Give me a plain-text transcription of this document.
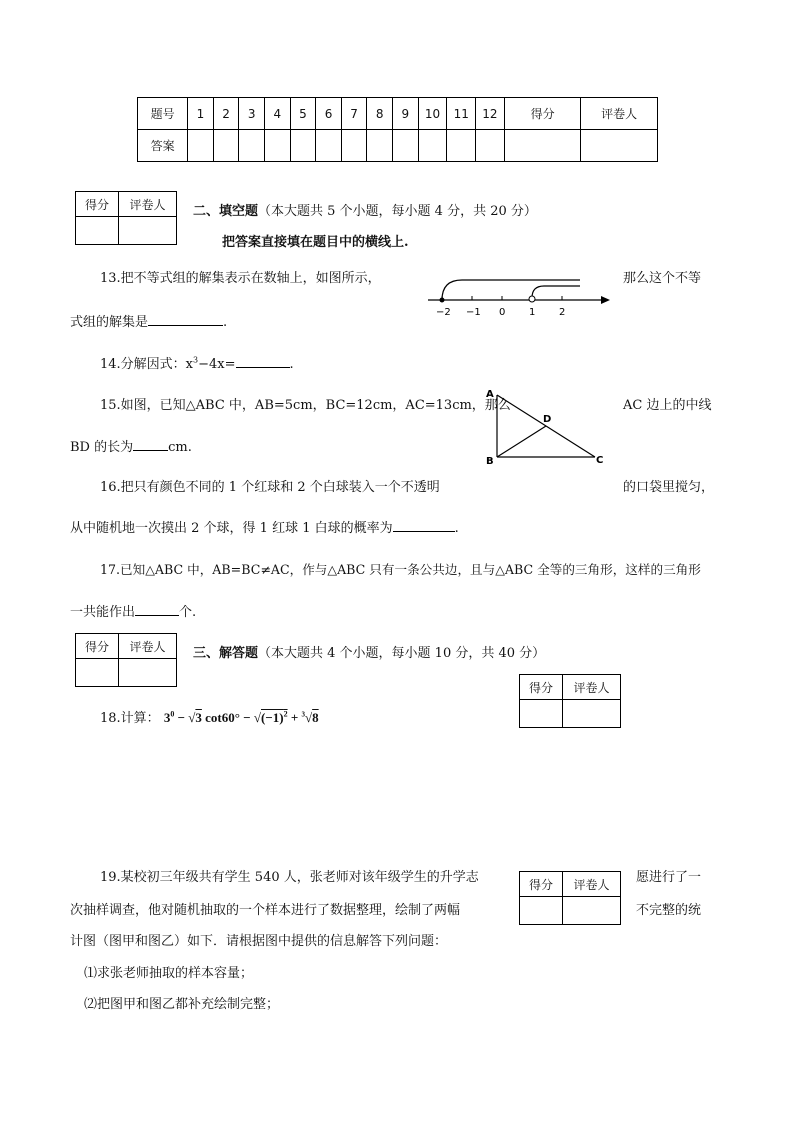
题号	1	2	3	4	5	6	7	8	9	10	11	12	得分	评卷人
答案														
得分	评卷人
	二、填空题（本大题共 5 个小题，每小题 4 分，共 20 分）
把答案直接填在题目中的横线上.
13.把不等式组的解集表示在数轴上，如图所示，	那么这个不等
式组的解集是	.
−2 −1 0 1 2
14.分解因式：$x^3-4x=$	.
15.如图，已知△ABC 中，AB=5cm，BC=12cm，AC=13cm，那么	AC 边上的中线
BD 的长为	cm.
A
B	C
D
16.把只有颜色不同的 1 个红球和 2 个白球装入一个不透明	的口袋里搅匀，
从中随机地一次摸出 2 个球，得 1 红球 1 白球的概率为	.
17.已知△ABC 中，AB=BC≠AC，作与△ABC 只有一条公共边，且与△ABC 全等的三角形，这样的三角形
一共能作出	个.
得分	评卷人
	三、解答题（本大题共 4 个小题，每小题 10 分，共 40 分）
得分	评卷人

18.计算： $3^0 - √3$ $\cot 60^\circ - √(-1)^2 + ^3√8$
19.某校初三年级共有学生 540 人，张老师对该年级学生的升学志	愿进行了一
得分	评卷人

次抽样调查，他对随机抽取的一个样本进行了数据整理，绘制了两幅	不完整的统
计图（图甲和图乙）如下．请根据图中提供的信息解答下列问题：
⑴求张老师抽取的样本容量；
⑵把图甲和图乙都补充绘制完整；
